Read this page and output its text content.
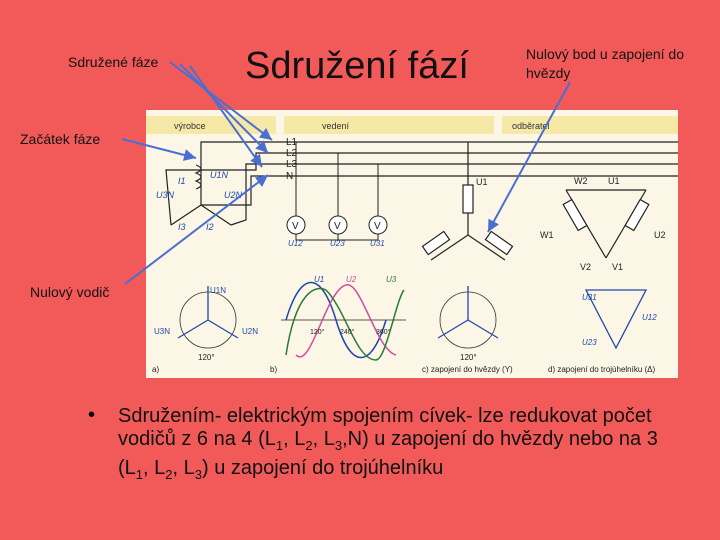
Sdružení fází
Sdružené fáze	Nulový bod u zapojení do hvězdy
Začátek fáze
Nulový vodič
výrobce	vedení	odběratel
L1
L2
L3
N
I1
U1N
U3N	U2N
I3 I2	V	V	V
U12	U23	U31
U1	W2 U1
W1	U2
V2 V1
U1N
U3N	U2N
120°
a)
U1	U2	U3
120° 240°	360°
b)
120°
c) zapojení do hvězdy (Y)
U31
U12
U23
d) zapojení do trojúhelníku (Δ)
• Sdružením- elektrickým spojením cívek- lze redukovat počet vodičů z 6 na 4 ($L_1$, $L_2$, $L_3,N$) u zapojení do hvězdy nebo na 3 ($L_1$, $L_2$, $L_3$) u zapojení do trojúhelníku
